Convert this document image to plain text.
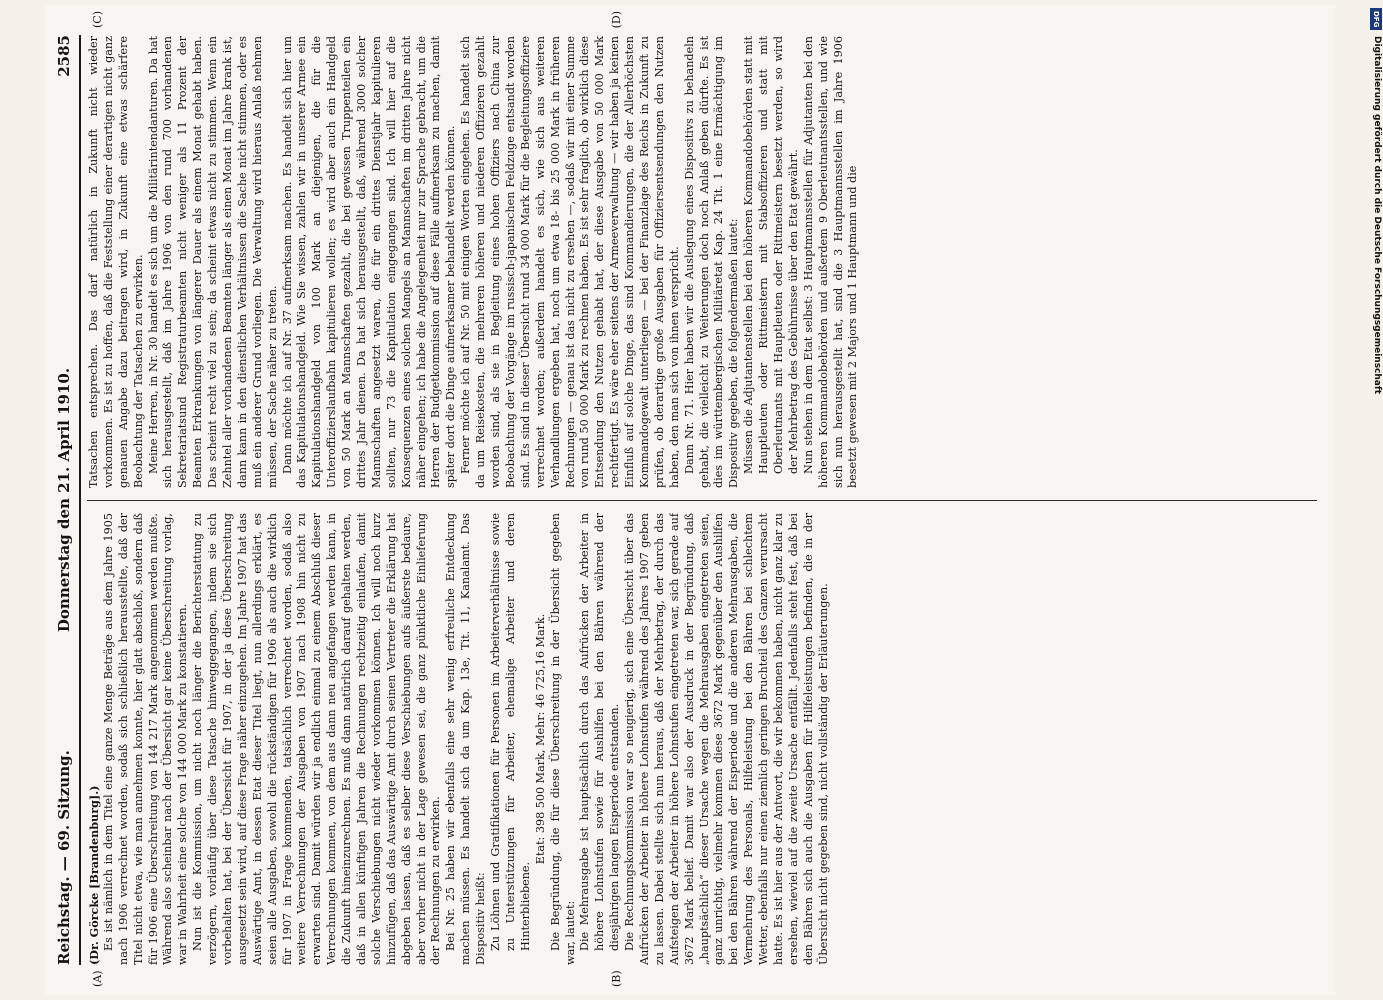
Reichstag. — 69. Sitzung.
Donnerstag den 21. April 1910.
2585
(A)	(B)
(C)	(D)

(Dr. Görcke [Brandenburg].) Es ist nämlich in dem Titel eine ganze Menge Beträge aus dem Jahre 1905 nach 1906 verrechnet worden, sodaß sich schließlich herausstellte, daß der Titel nicht etwa, wie man annehmen konnte, hier glatt abschloß, sondern daß für 1906 eine Überschreitung von 144 217 Mark angenommen werden mußte. Während also scheinbar nach der Übersicht gar keine Überschreitung vorlag, war in Wahrheit eine solche von 144 000 Mark zu konstatieren. Nun ist die Kommission, um nicht noch länger die Berichterstattung zu verzögern, vorläufig über diese Tatsache hinweggegangen, indem sie sich vorbehalten hat, bei der Übersicht für 1907, in der ja diese Überschreitung ausgesetzt sein wird, auf diese Frage näher einzugehen. Im Jahre 1907 hat das Auswärtige Amt, in dessen Etat dieser Titel liegt, nun allerdings erklärt, es seien alle Ausgaben, sowohl die rückständigen für 1906 als auch die wirklich für 1907 in Frage kommenden, tatsächlich verrechnet worden, sodaß also weitere Verrechnungen der Ausgaben von 1907 nach 1908 hin nicht zu erwarten sind. Damit würden wir ja endlich einmal zu einem Abschluß dieser Verrechnungen kommen, von dem aus dann neu angefangen werden kann, in die Zukunft hineinzurechnen. Es muß dann natürlich darauf gehalten werden, daß in allen künftigen Jahren die Rechnungen rechtzeitig einlaufen, damit solche Verschiebungen nicht wieder vorkommen können. Ich will noch kurz hinzufügen, daß das Auswärtige Amt durch seinen Vertreter die Erklärung hat abgeben lassen, daß es selber diese Verschiebungen aufs äußerste bedaure, aber vorher nicht in der Lage gewesen sei, die ganz pünktliche Einlieferung der Rechnungen zu erwirken. Bei Nr. 25 haben wir ebenfalls eine sehr wenig erfreuliche Entdeckung machen müssen. Es handelt sich da um Kap. 13e, Tit. 11, Kanalamt. Das Dispositiv heißt: Zu Löhnen und Gratifikationen für Personen im Arbeiterverhältnisse sowie zu Unterstützungen für Arbeiter, ehemalige Arbeiter und deren Hinterbliebene.

Etat: 398 500 Mark, Mehr: 46 725,16 Mark. Die Begründung, die für diese Überschreitung in der Übersicht gegeben war, lautet: Die Mehrausgabe ist hauptsächlich durch das Aufrücken der Arbeiter in höhere Lohnstufen sowie für Aushilfen bei den Bähren während der diesjährigen langen Eisperiode entstanden. Die Rechnungskommission war so neugierig, sich eine Übersicht über das Aufrücken der Arbeiter in höhere Lohnstufen während des Jahres 1907 geben zu lassen. Dabei stellte sich nun heraus, daß der Mehrbetrag, der durch das Aufsteigen der Arbeiter in höhere Lohnstufen eingetreten war, sich gerade auf 3672 Mark belief. Damit war also der Ausdruck in der Begründung, daß „hauptsächlich“ dieser Ursache wegen die Mehrausgaben eingetreten seien, ganz unrichtig, vielmehr kommen diese 3672 Mark gegenüber den Aushilfen bei den Bähren während der Eisperiode und die anderen Mehrausgaben, die Vermehrung des Personals, Hilfeleistung bei den Bähren bei schlechtem Wetter, ebenfalls nur einen ziemlich geringen Bruchteil des Ganzen verursacht hatte. Es ist hier aus der Antwort, die wir bekommen haben, nicht ganz klar zu ersehen, wieviel auf die zweite Ursache entfällt. Jedenfalls steht fest, daß bei den Bähren sich auch die Ausgaben für Hilfeleistungen befinden, die in der Übersicht nicht gegeben sind, nicht vollständig der Erläuterungen.

Tatsachen entsprechen. Das darf natürlich in Zukunft nicht wieder vorkommen. Es ist zu hoffen, daß die Feststellung einer derartigen nicht ganz genauen Angabe dazu beitragen wird, in Zukunft eine etwas schärfere Beobachtung der Tatsachen zu erwirken. Meine Herren, in Nr. 30 handelt es sich um die Militärintendanturen. Da hat sich herausgestellt, daß im Jahre 1906 von den rund 700 vorhandenen Sekretariatsund Registraturbeamten nicht weniger als 11 Prozent der Beamten Erkrankungen von längerer Dauer als einem Monat gehabt haben. Das scheint recht viel zu sein; da scheint etwas nicht zu stimmen. Wenn ein Zehntel aller vorhandenen Beamten länger als einen Monat im Jahre krank ist, dann kann in den dienstlichen Verhältnissen die Sache nicht stimmen, oder es muß ein anderer Grund vorliegen. Die Verwaltung wird hieraus Anlaß nehmen müssen, der Sache näher zu treten. Dann möchte ich auf Nr. 37 aufmerksam machen. Es handelt sich hier um das Kapitulationshandgeld. Wie Sie wissen, zahlen wir in unserer Armee ein Kapitulationshandgeld von 100 Mark an diejenigen, die für die Unteroffizierslaufbahn kapitulieren wollen; es wird aber auch ein Handgeld von 50 Mark an Mannschaften gezahlt, die bei gewissen Truppenteilen ein drittes Jahr dienen. Da hat sich herausgestellt, daß, während 3000 solcher Mannschaften angesetzt waren, die für ein drittes Dienstjahr kapitulieren sollten, nur 73 die Kapitulation eingegangen sind. Ich will hier auf die Konsequenzen eines solchen Mangels an Mannschaften im dritten Jahre nicht näher eingehen; ich habe die Angelegenheit nur zur Sprache gebracht, um die Herren der Budgetkommission auf diese Fälle aufmerksam zu machen, damit später dort die Dinge aufmerksamer behandelt werden können. Ferner möchte ich auf Nr. 50 mit einigen Worten eingehen. Es handelt sich da um Reisekosten, die mehreren höheren und niederen Offizieren gezahlt worden sind, als sie in Begleitung eines hohen Offiziers nach China zur Beobachtung der Vorgänge im russisch-japanischen Feldzuge entsandt worden sind. Es sind in dieser Übersicht rund 34 000 Mark für die Begleitungsoffiziere verrechnet worden; außerdem handelt es sich, wie sich aus weiteren Verhandlungen ergeben hat, noch um etwa 18- bis 25 000 Mark in früheren Rechnungen — genau ist das nicht zu ersehen —, sodaß wir mit einer Summe von rund 50 000 Mark zu rechnen haben. Es ist sehr fraglich, ob wirklich diese Entsendung den Nutzen gehabt hat, der diese Ausgabe von 50 000 Mark rechtfertigt. Es wäre eher seitens der Armeeverwaltung — wir haben ja keinen Einfluß auf solche Dinge, das sind Kommandierungen, die der Allerhöchsten Kommandogewalt unterliegen — bei der Finanzlage des Reichs in Zukunft zu prüfen, ob derartige große Ausgaben für Offiziersentsendungen den Nutzen haben, den man sich von ihnen verspricht. Dann Nr. 71. Hier haben wir die Auslegung eines Dispositivs zu behandeln gehabt, die vielleicht zu Weiterungen doch noch Anlaß geben dürfte. Es ist dies im württembergischen Militäretat Kap. 24 Tit. 1 eine Ermächtigung im Dispositiv gegeben, die folgendermaßen lautet: Müssen die Adjutantenstellen bei den höheren Kommandobehörden statt mit Hauptleuten oder Rittmeistern mit Stabsoffizieren und statt mit Oberleutnants mit Hauptleuten oder Rittmeistern besetzt werden, so wird der Mehrbetrag des Gebührnisse über den Etat gewährt. Nun stehen in dem Etat selbst: 3 Hauptmannsstellen für Adjutanten bei den höheren Kommandobehörden und außerdem 9 Oberleutnantsstellen, und wie sich nun herausgestellt hat, sind die 3 Hauptmannsstellen im Jahre 1906 besetzt gewesen mit 2 Majors und 1 Hauptmann und die

DFG
Digitalisierung gefördert durch die Deutsche Forschungsgemeinschaft
